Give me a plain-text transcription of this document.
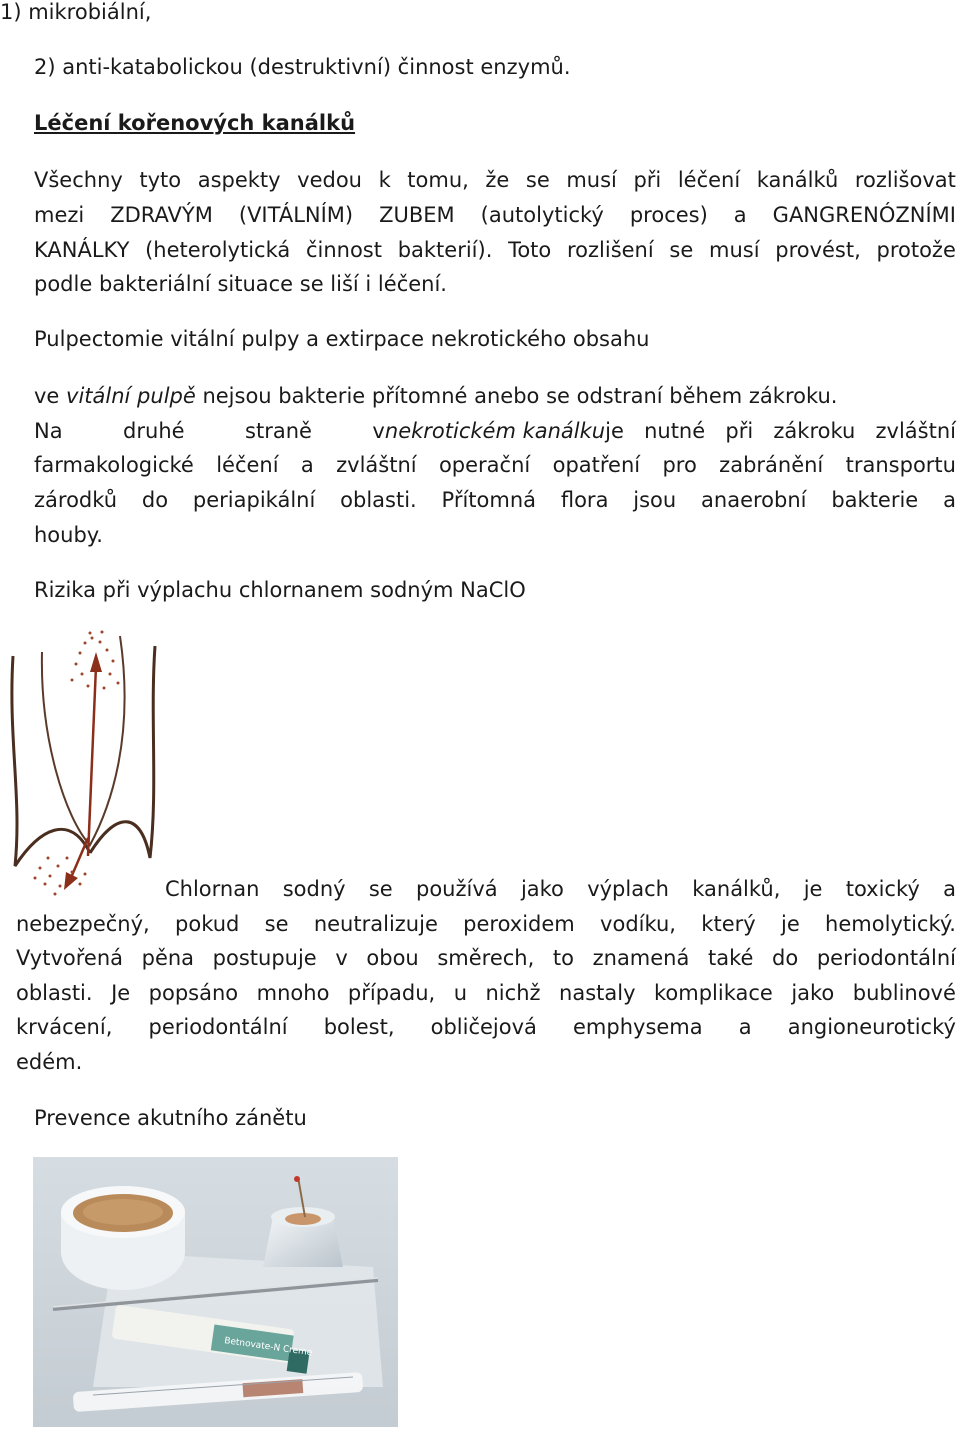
1) mikrobiální,
2) anti-katabolickou (destruktivní) činnost enzymů.
Léčení kořenových kanálků
Všechny tyto aspekty vedou k tomu, že se musí při léčení kanálků rozlišovat
mezi ZDRAVÝM (VITÁLNÍM) ZUBEM (autolytický proces) a GANGRENÓZNÍMI
KANÁLKY (heterolytická činnost bakterií). Toto rozlišení se musí provést, protože
podle bakteriální situace se liší i léčení.
Pulpectomie vitální pulpy a extirpace nekrotického obsahu
ve vitální pulpě nejsou bakterie přítomné anebo se odstraní během zákroku.
Na	druhé	straně	v nekrotickém kanálku je nutné při zákroku zvláštní
farmakologické léčení a zvláštní operační opatření pro zabránění transportu
zárodků do periapikální oblasti. Přítomná flora jsou anaerobní bakterie a
houby.
Rizika při výplachu chlornanem sodným NaClO
Chlornan sodný se používá jako výplach kanálků, je toxický a
nebezpečný, pokud se neutralizuje peroxidem vodíku, který je hemolytický.
Vytvořená pěna postupuje v obou směrech, to znamená také do periodontální
oblasti. Je popsáno mnoho případu, u nichž nastaly komplikace jako bublinové
krvácení, periodontální bolest, obličejová emphysema a angioneurotický
edém.
Prevence akutního zánětu
Betnovate-N Creme
